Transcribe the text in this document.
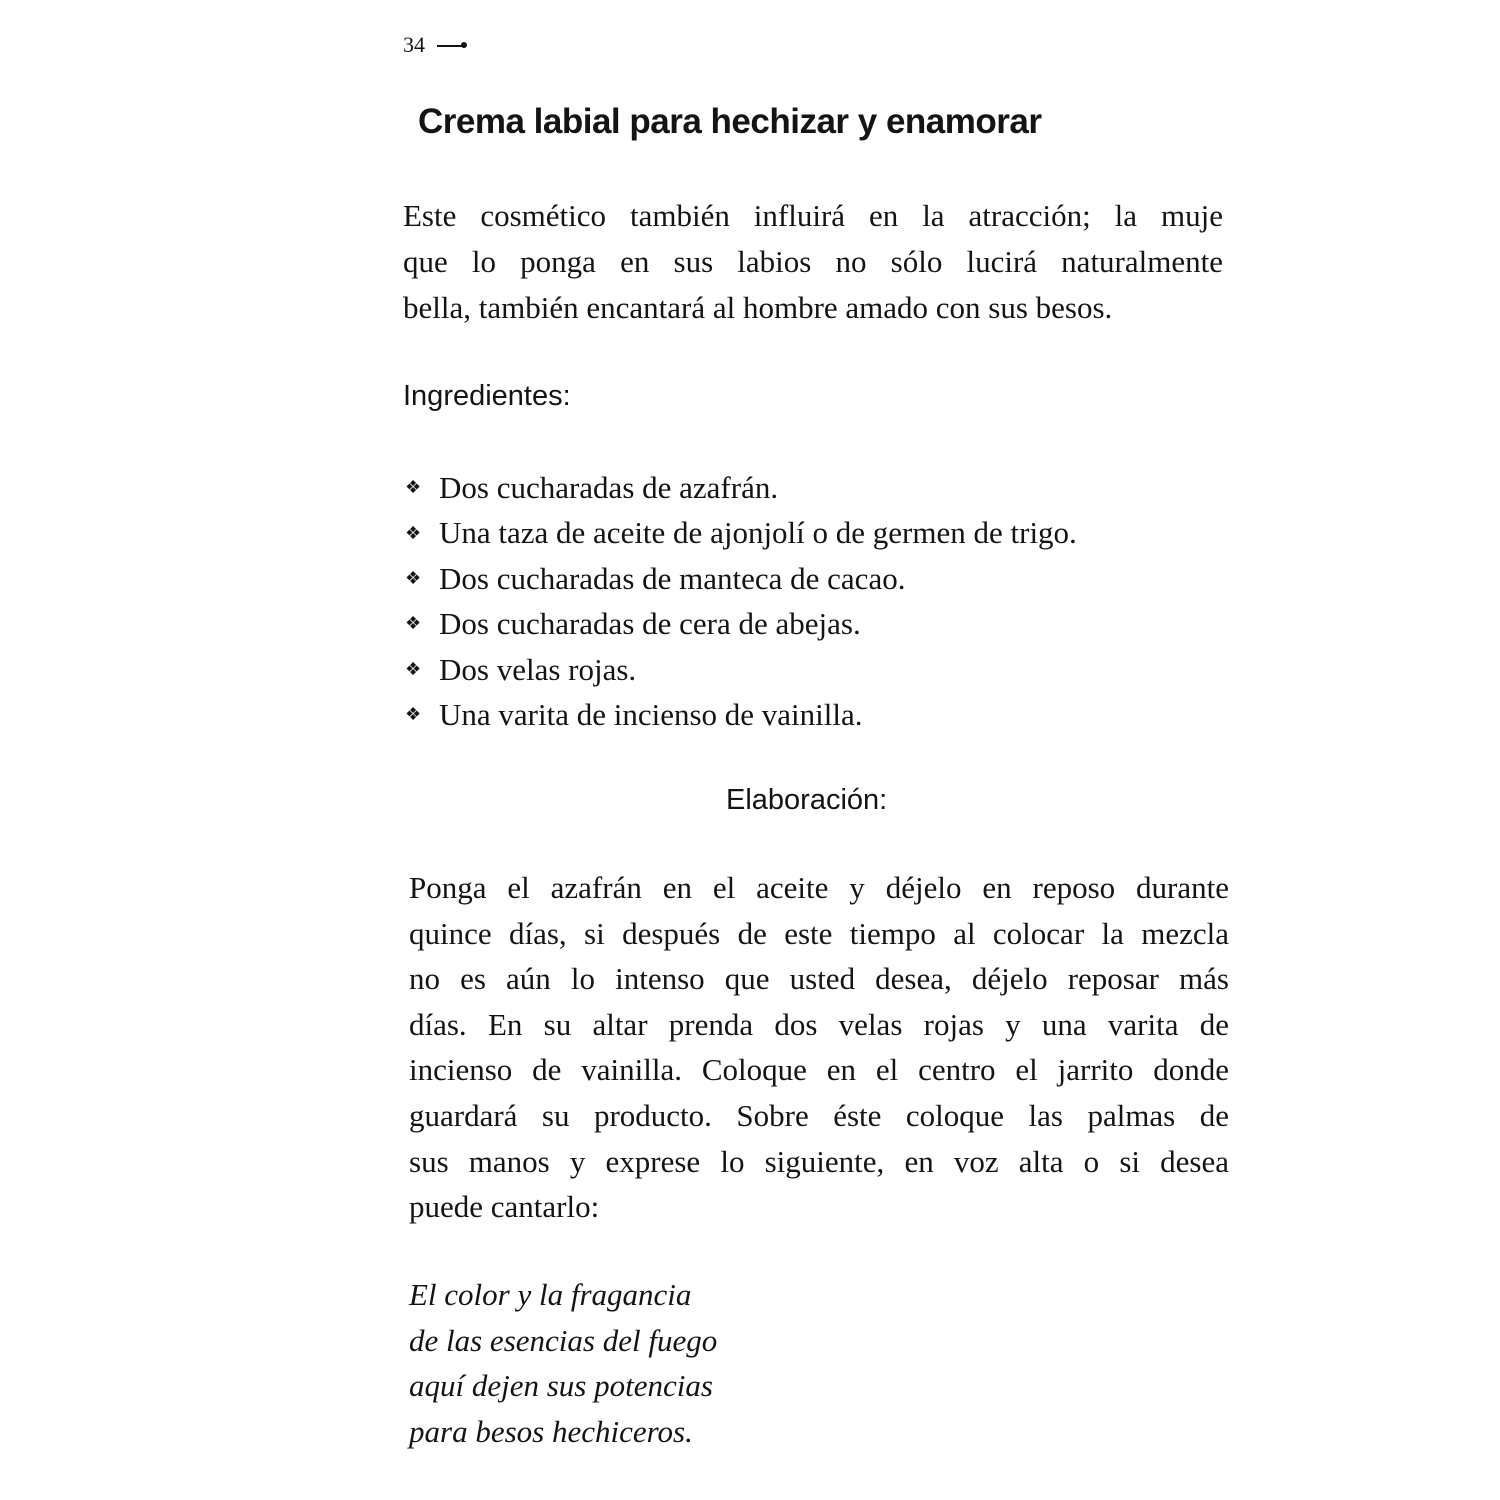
34
Crema labial para hechizar y enamorar

Este cosmético también influirá en la atracción; la muje
que lo ponga en sus labios no sólo lucirá naturalmente
bella, también encantará al hombre amado con sus besos.

Ingredientes:
❖ Dos cucharadas de azafrán.
❖ Una taza de aceite de ajonjolí o de germen de trigo.
❖ Dos cucharadas de manteca de cacao.
❖ Dos cucharadas de cera de abejas.
❖ Dos velas rojas.
❖ Una varita de incienso de vainilla.
Elaboración:

Ponga el azafrán en el aceite y déjelo en reposo durante
quince días, si después de este tiempo al colocar la mezcla
no es aún lo intenso que usted desea, déjelo reposar más
días. En su altar prenda dos velas rojas y una varita de
incienso de vainilla. Coloque en el centro el jarrito donde
guardará su producto. Sobre éste coloque las palmas de
sus manos y exprese lo siguiente, en voz alta o si desea
puede cantarlo:

El color y la fragancia
de las esencias del fuego
aquí dejen sus potencias
para besos hechiceros.
